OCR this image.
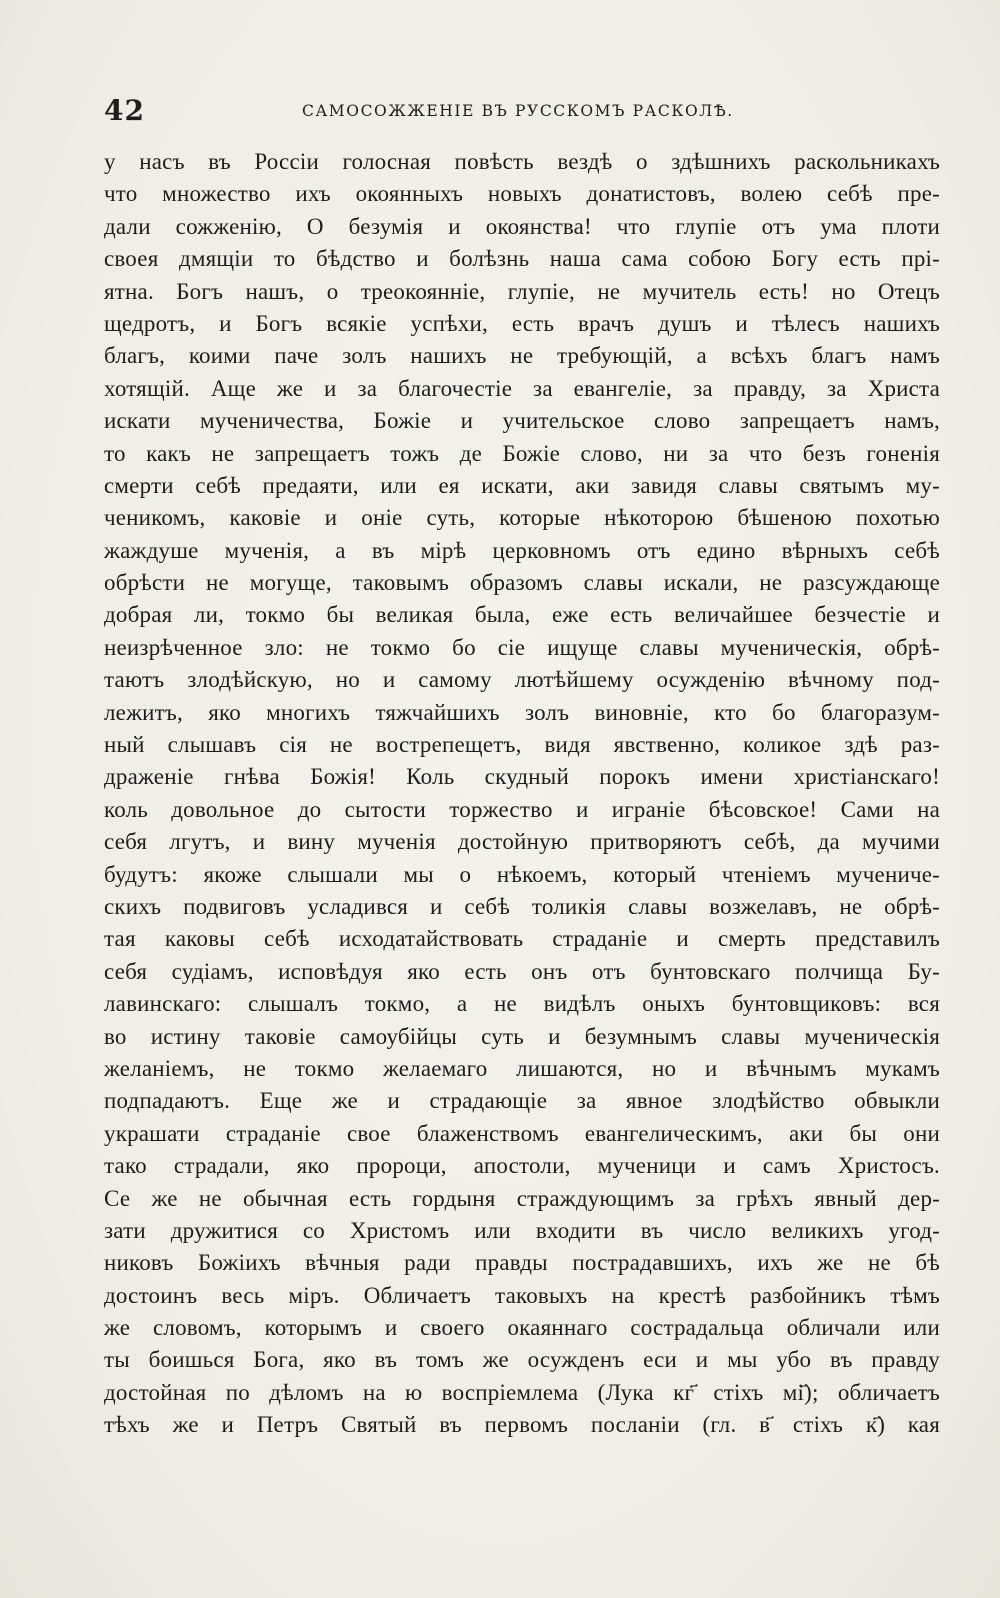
42	САМОСОЖЖЕНІЕ ВЪ РУССКОМЪ РАСКОЛѢ.
у насъ въ Россіи голосная повѣсть вездѣ о здѣшнихъ раскольникахъ
что множество ихъ окоянныхъ новыхъ донатистовъ, волею себѣ пре-
дали сожженію, О безумія и окоянства! что глупіе отъ ума плоти
своея дмящіи то бѣдство и болѣзнь наша сама собою Богу есть прі-
ятна. Богъ нашъ, о треокоянніе, глупіе, не мучитель есть! но Отецъ
щедротъ, и Богъ всякіе успѣхи, есть врачъ душъ и тѣлесъ нашихъ
благъ, коими паче золъ нашихъ не требующій, а всѣхъ благъ намъ
хотящій. Аще же и за благочестіе за евангеліе, за правду, за Христа
искати мученичества, Божіе и учительское слово запрещаетъ намъ,
то какъ не запрещаетъ тожъ де Божіе слово, ни за что безъ гоненія
смерти себѣ предаяти, или ея искати, аки завидя славы святымъ му-
ченикомъ, каковіе и оніе суть, которые нѣкоторою бѣшеною похотью
жаждуше мученія, а въ мірѣ церковномъ отъ едино вѣрныхъ себѣ
обрѣсти не могуще, таковымъ образомъ славы искали, не разсуждающе
добрая ли, токмо бы великая была, еже есть величайшее безчестіе и
неизрѣченное зло: не токмо бо сіе ищуще славы мученическія, обрѣ-
таютъ злодѣйскую, но и самому лютѣйшему осужденію вѣчному под-
лежитъ, яко многихъ тяжчайшихъ золъ виновніе, кто бо благоразум-
ный слышавъ сія не вострепещетъ, видя явственно, коликое здѣ раз-
драженіе гнѣва Божія! Коль скудный порокъ имени христіанскаго!
коль довольное до сытости торжество и играніе бѣсовское! Сами на
себя лгутъ, и вину мученія достойную притворяютъ себѣ, да мучими
будутъ: якоже слышали мы о нѣкоемъ, который чтеніемъ мучениче-
скихъ подвиговъ усладився и себѣ толикія славы возжелавъ, не обрѣ-
тая каковы себѣ исходатайствовать страданіе и смерть представилъ
себя судіамъ, исповѣдуя яко есть онъ отъ бунтовскаго полчища Бу-
лавинскаго: слышалъ токмо, а не видѣлъ оныхъ бунтовщиковъ: вся
во истину таковіе самоубійцы суть и безумнымъ славы мученическія
желаніемъ, не токмо желаемаго лишаются, но и вѣчнымъ мукамъ
подпадаютъ. Еще же и страдающіе за явное злодѣйство обвыкли
украшати страданіе свое блаженствомъ евангелическимъ, аки бы они
тако страдали, яко пророци, апостоли, мученици и самъ Христосъ.
Се же не обычная есть гордыня страждующимъ за грѣхъ явный дер-
зати дружитися со Христомъ или входити въ число великихъ угод-
никовъ Божіихъ вѣчныя ради правды пострадавшихъ, ихъ же не бѣ
достоинъ весь міръ. Обличаетъ таковыхъ на крестѣ разбойникъ тѣмъ
же словомъ, которымъ и своего окаяннаго сострадальца обличали или
ты боишься Бога, яко въ томъ же осужденъ еси и мы убо въ правду
достойная по дѣломъ на ю воспріемлема (Лука кг҃ стіхъ мі҃); обличаетъ
тѣхъ же и Петръ Святый въ первомъ посланіи (гл. в҃ стіхъ к҃) кая
